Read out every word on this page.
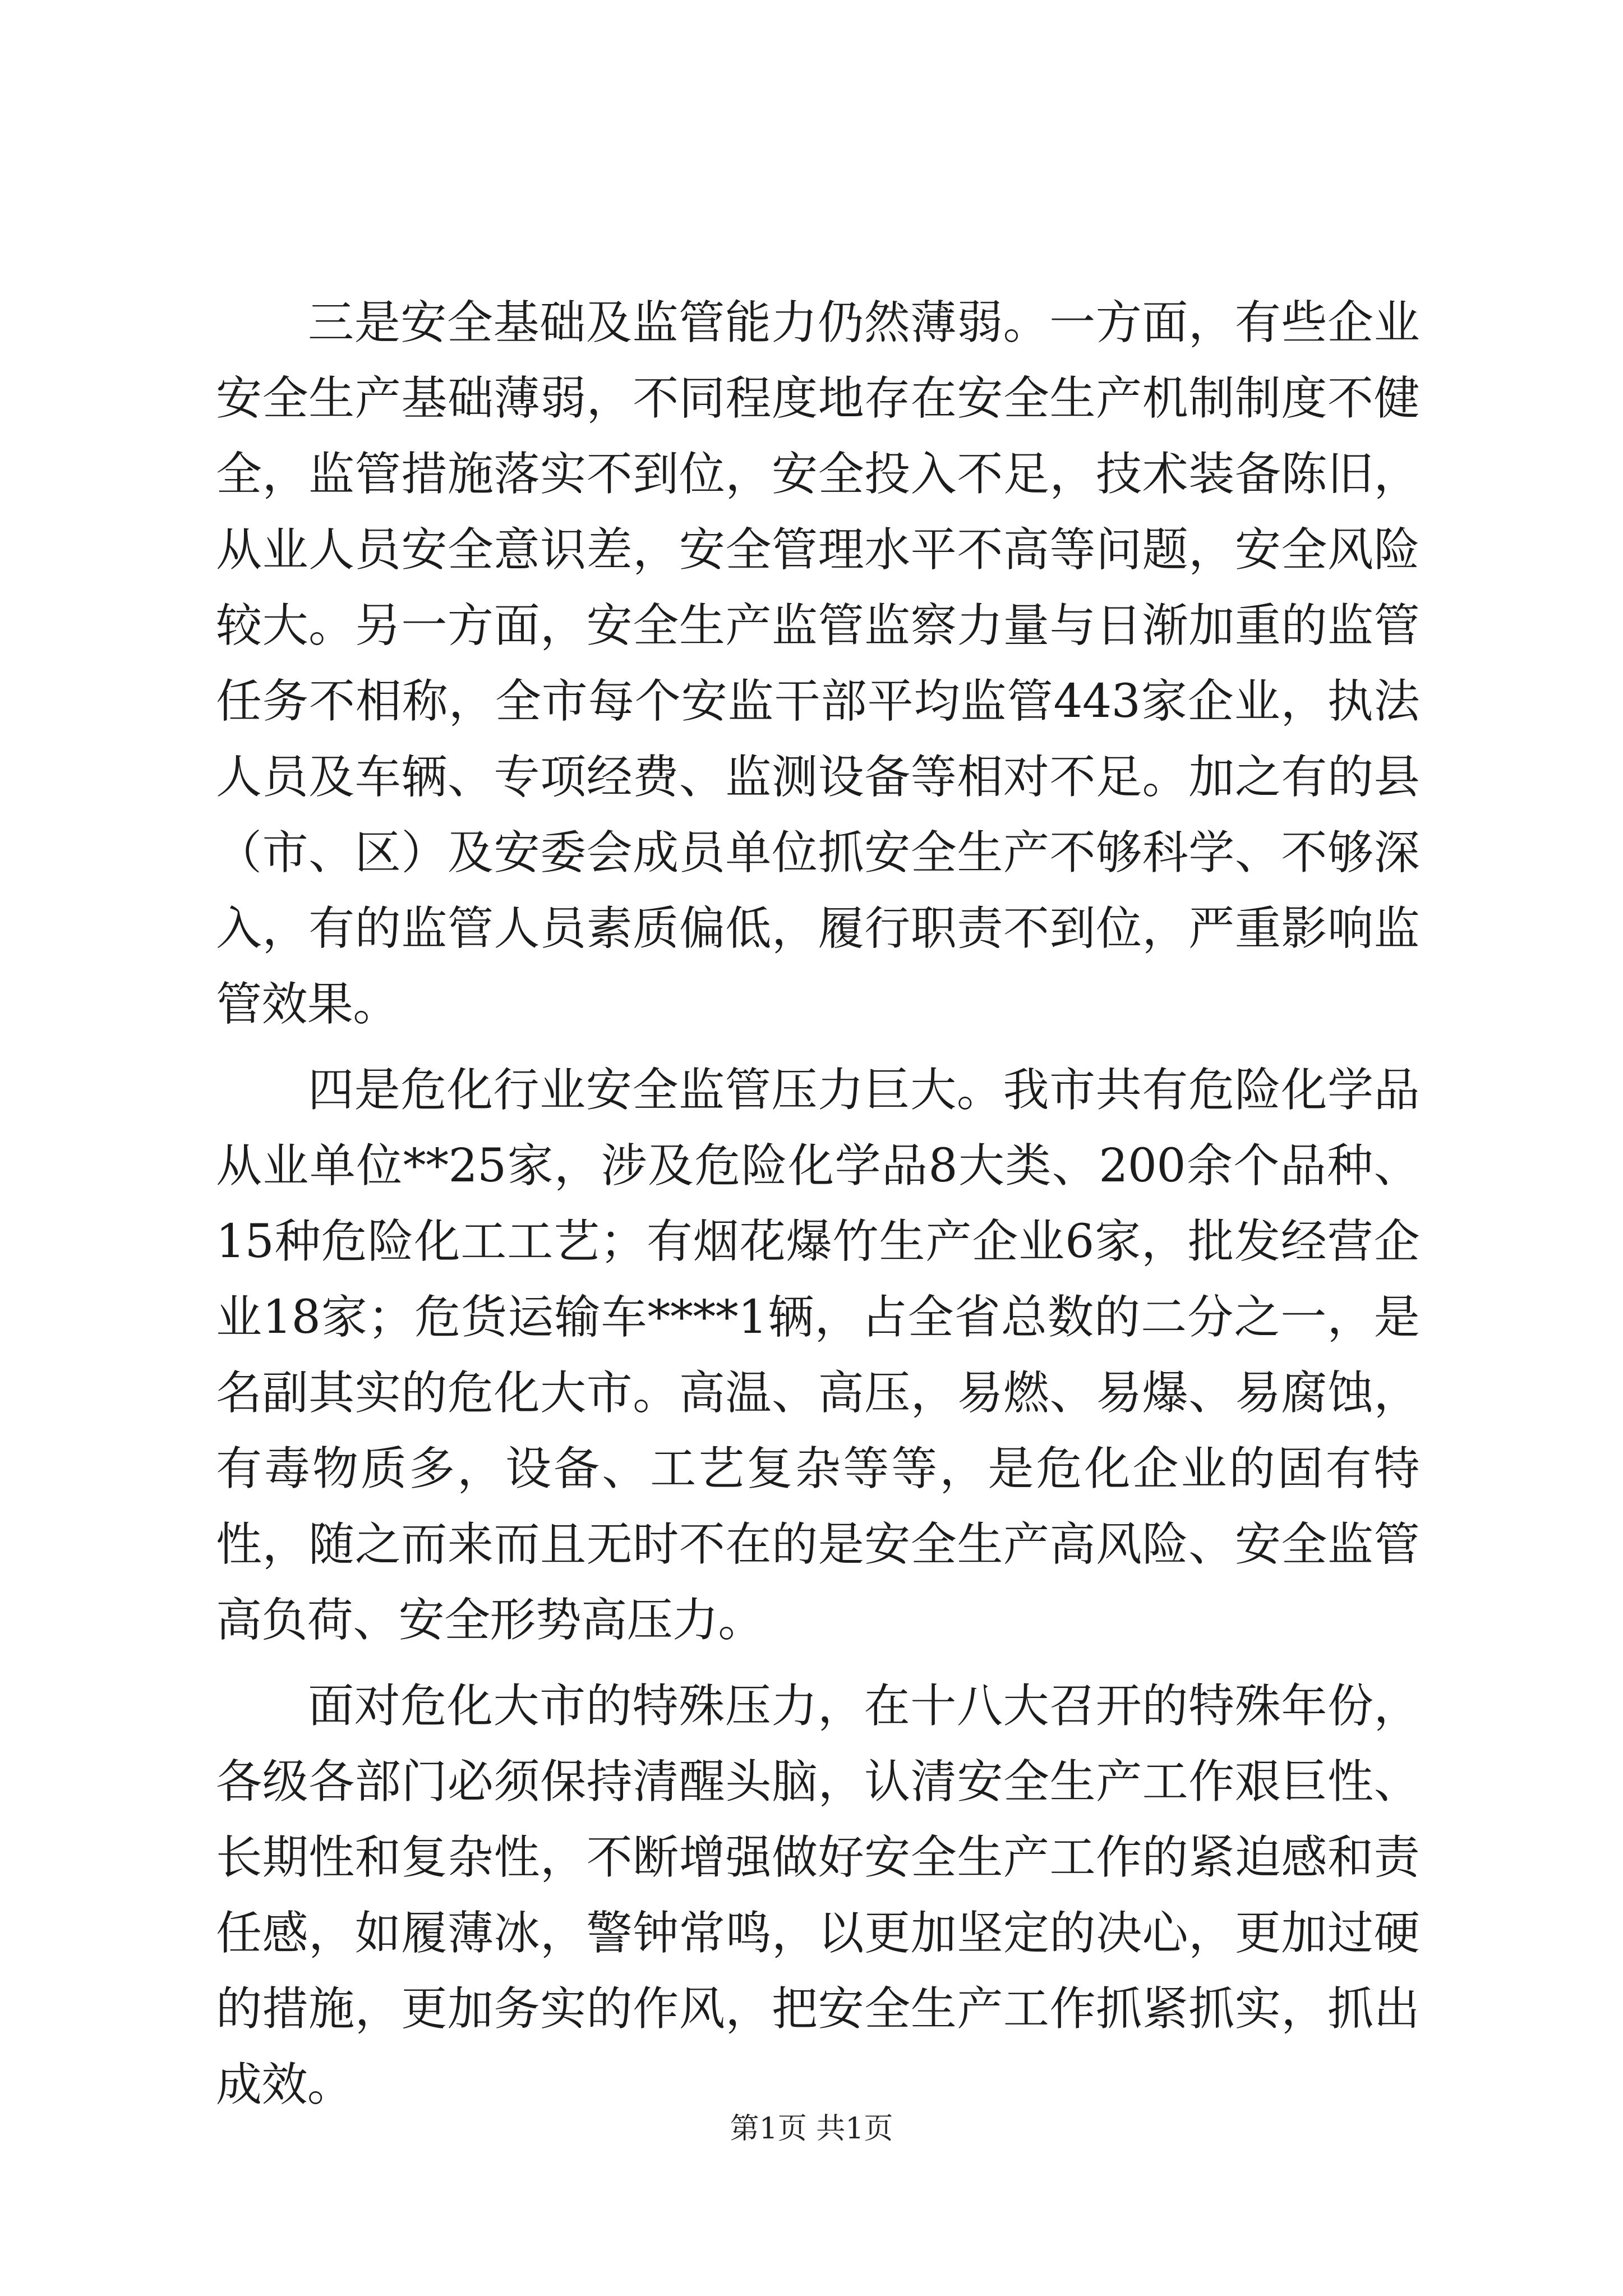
三是安全基础及监管能力仍然薄弱。一方面，有些企业安全生产基础薄弱，不同程度地存在安全生产机制制度不健全，监管措施落实不到位，安全投入不足，技术装备陈旧，从业人员安全意识差，安全管理水平不高等问题，安全风险较大。另一方面，安全生产监管监察力量与日渐加重的监管任务不相称，全市每个安监干部平均监管443家企业，执法人员及车辆、专项经费、监测设备等相对不足。加之有的县（市、区）及安委会成员单位抓安全生产不够科学、不够深入，有的监管人员素质偏低，履行职责不到位，严重影响监管效果。

四是危化行业安全监管压力巨大。我市共有危险化学品从业单位**25家，涉及危险化学品8大类、200余个品种、15种危险化工工艺；有烟花爆竹生产企业6家，批发经营企业18家；危货运输车****1辆，占全省总数的二分之一，是名副其实的危化大市。高温、高压，易燃、易爆、易腐蚀，有毒物质多，设备、工艺复杂等等，是危化企业的固有特性，随之而来而且无时不在的是安全生产高风险、安全监管高负荷、安全形势高压力。

面对危化大市的特殊压力，在十八大召开的特殊年份，各级各部门必须保持清醒头脑，认清安全生产工作艰巨性、长期性和复杂性，不断增强做好安全生产工作的紧迫感和责任感，如履薄冰，警钟常鸣，以更加坚定的决心，更加过硬的措施，更加务实的作风，把安全生产工作抓紧抓实，抓出成效。

第1页 共1页
